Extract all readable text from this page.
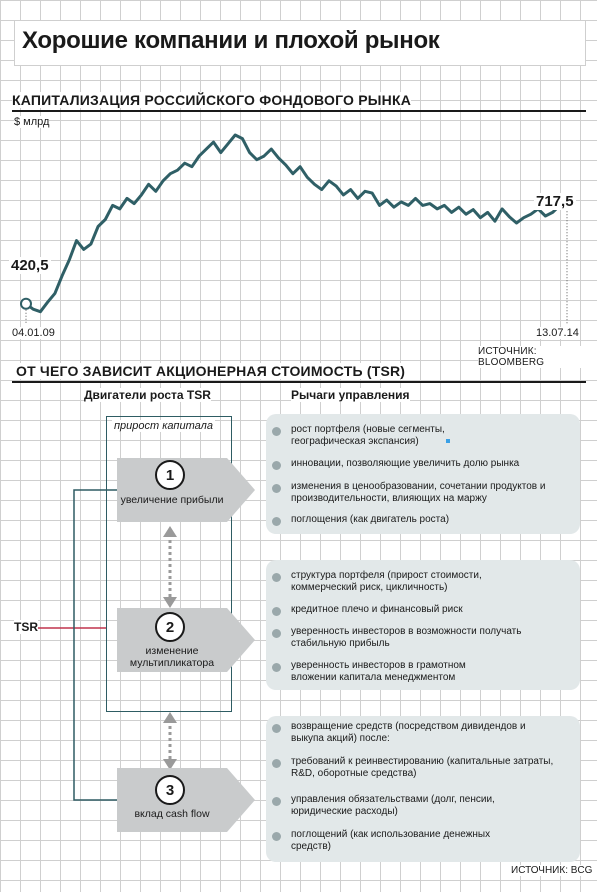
Хорошие компании и плохой рынок
КАПИТАЛИЗАЦИЯ РОССИЙСКОГО ФОНДОВОГО РЫНКА
$ млрд
420,5
717,5
04.01.09	13.07.14
ИСТОЧНИК: BLOOMBERG
ОТ ЧЕГО ЗАВИСИТ АКЦИОНЕРНАЯ СТОИМОСТЬ (TSR)
Двигатели роста TSR	Рычаги управления
прирост капитала
1
увеличение прибыли
2
изменение мультипликатора
3
вклад cash flow
TSR
рост портфеля (новые сегменты, географическая экспансия)
инновации, позволяющие увеличить долю рынка
изменения в ценообразовании, сочетании продуктов и производительности, влияющих на маржу
поглощения (как двигатель роста)
структура портфеля (прирост стоимости, коммерческий риск, цикличность)
кредитное плечо и финансовый риск
уверенность инвесторов в возможности получать стабильную прибыль
уверенность инвесторов в грамотном вложении капитала менеджментом
возвращение средств (посредством дивидендов и выкупа акций) после:
требований к реинвестированию (капитальные затраты, R&D, оборотные средства)
управления обязательствами (долг, пенсии, юридические расходы)
поглощений (как использование денежных средств)
ИСТОЧНИК: BCG
